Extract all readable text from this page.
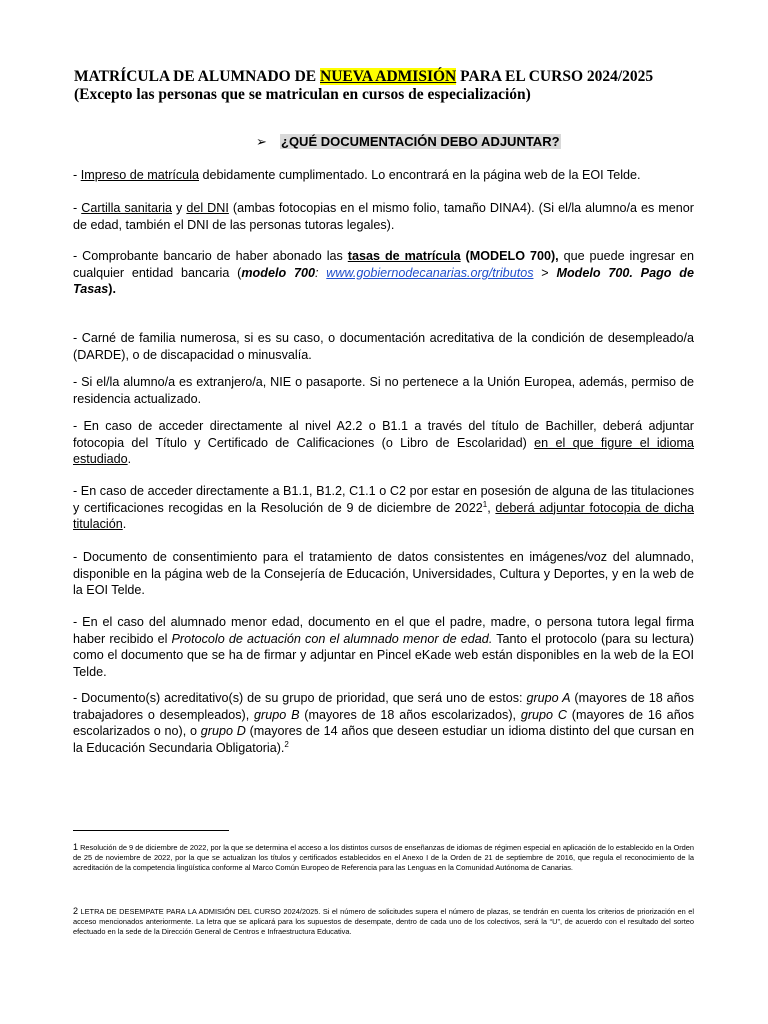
MATRÍCULA DE ALUMNADO DE NUEVA ADMISIÓN PARA EL CURSO 2024/2025

(Excepto las personas que se matriculan en cursos de especialización)

➢ ¿QUÉ DOCUMENTACIÓN DEBO ADJUNTAR?

- Impreso de matrícula debidamente cumplimentado. Lo encontrará en la página web de la EOI Telde.

- Cartilla sanitaria y del DNI (ambas fotocopias en el mismo folio, tamaño DINA4). (Si el/la alumno/a es menor de edad, también el DNI de las personas tutoras legales).

- Comprobante bancario de haber abonado las tasas de matrícula (MODELO 700), que puede ingresar en cualquier entidad bancaria (modelo 700: www.gobiernodecanarias.org/tributos > Modelo 700. Pago de Tasas).

- Carné de familia numerosa, si es su caso, o documentación acreditativa de la condición de desempleado/a (DARDE), o de discapacidad o minusvalía.

- Si el/la alumno/a es extranjero/a, NIE o pasaporte. Si no pertenece a la Unión Europea, además, permiso de residencia actualizado.

- En caso de acceder directamente al nivel A2.2 o B1.1 a través del título de Bachiller, deberá adjuntar fotocopia del Título y Certificado de Calificaciones (o Libro de Escolaridad) en el que figure el idioma estudiado.

- En caso de acceder directamente a B1.1, B1.2, C1.1 o C2 por estar en posesión de alguna de las titulaciones y certificaciones recogidas en la Resolución de 9 de diciembre de 2022$^1$, deberá adjuntar fotocopia de dicha titulación.

- Documento de consentimiento para el tratamiento de datos consistentes en imágenes/voz del alumnado, disponible en la página web de la Consejería de Educación, Universidades, Cultura y Deportes, y en la web de la EOI Telde.

- En el caso del alumnado menor edad, documento en el que el padre, madre, o persona tutora legal firma haber recibido el Protocolo de actuación con el alumnado menor de edad. Tanto el protocolo (para su lectura) como el documento que se ha de firmar y adjuntar en Pincel eKade web están disponibles en la web de la EOI Telde.

- Documento(s) acreditativo(s) de su grupo de prioridad, que será uno de estos: grupo A (mayores de 18 años trabajadores o desempleados), grupo B (mayores de 18 años escolarizados), grupo C (mayores de 16 años escolarizados o no), o grupo D (mayores de 14 años que deseen estudiar un idioma distinto del que cursan en la Educación Secundaria Obligatoria).$^2$

1 Resolución de 9 de diciembre de 2022, por la que se determina el acceso a los distintos cursos de enseñanzas de idiomas de régimen especial en aplicación de lo establecido en la Orden de 25 de noviembre de 2022, por la que se actualizan los títulos y certificados establecidos en el Anexo I de la Orden de 21 de septiembre de 2016, que regula el reconocimiento de la acreditación de la competencia lingüística conforme al Marco Común Europeo de Referencia para las Lenguas en la Comunidad Autónoma de Canarias.

2 LETRA DE DESEMPATE PARA LA ADMISIÓN DEL CURSO 2024/2025. Si el número de solicitudes supera el número de plazas, se tendrán en cuenta los criterios de priorización en el acceso mencionados anteriormente. La letra que se aplicará para los supuestos de desempate, dentro de cada uno de los colectivos, será la “U”, de acuerdo con el resultado del sorteo efectuado en la sede de la Dirección General de Centros e Infraestructura Educativa.
